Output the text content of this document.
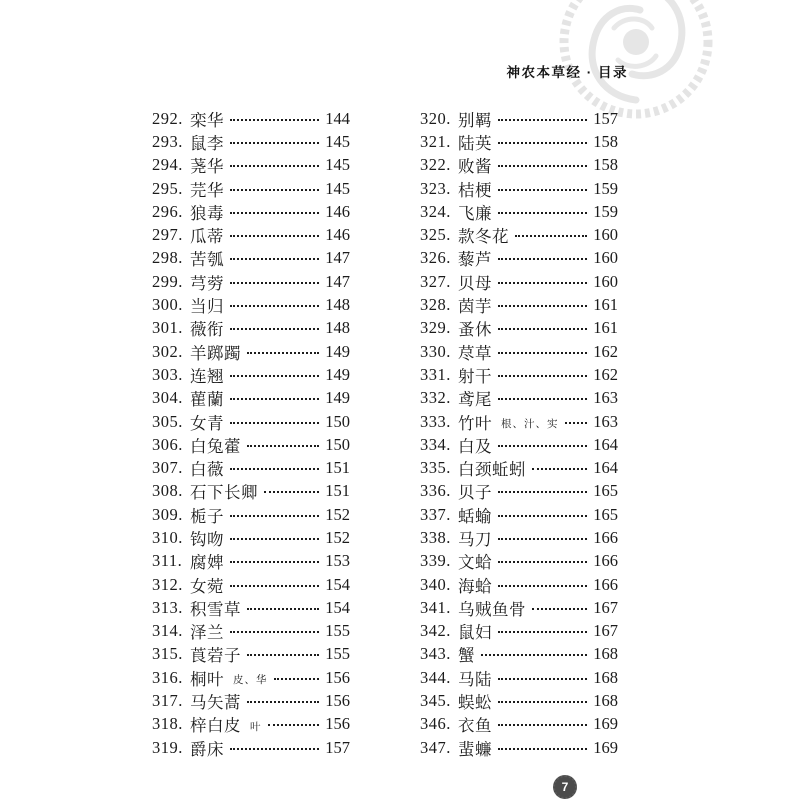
神农本草经 · 目录
292. 栾华	144
293. 鼠李	145
294. 荛华	145
295. 芫华	145
296. 狼毒	146
297. 瓜蒂	146
298. 苦瓠	147
299. 芎䓖	147
300. 当归	148
301. 薇衔	148
302. 羊踯躅	149
303. 连翘	149
304. 雚蘭	149
305. 女青	150
306. 白兔藿	150
307. 白薇	151
308. 石下长卿	151
309. 栀子	152
310. 钩吻	152
311. 腐婢	153
312. 女菀	154
313. 积雪草	154
314. 泽兰	155
315. 莨菪子	155
316. 桐叶 皮、华	156
317. 马矢蒿	156
318. 梓白皮 叶	156
319. 爵床	157
320. 别羁	157
321. 陆英	158
322. 败酱	158
323. 桔梗	159
324. 飞廉	159
325. 款冬花	160
326. 藜芦	160
327. 贝母	160
328. 茵芋	161
329. 蚤休	161
330. 荩草	162
331. 射干	162
332. 鸢尾	163
333. 竹叶 根、汁、实 163
334. 白及	164
335. 白颈蚯蚓	164
336. 贝子	165
337. 蛞蝓	165
338. 马刀	166
339. 文蛤	166
340. 海蛤	166
341. 乌贼鱼骨	167
342. 鼠妇	167
343. 蟹	168
344. 马陆	168
345. 蜈蚣	168
346. 衣鱼	169
347. 蜚蠊	169
7
